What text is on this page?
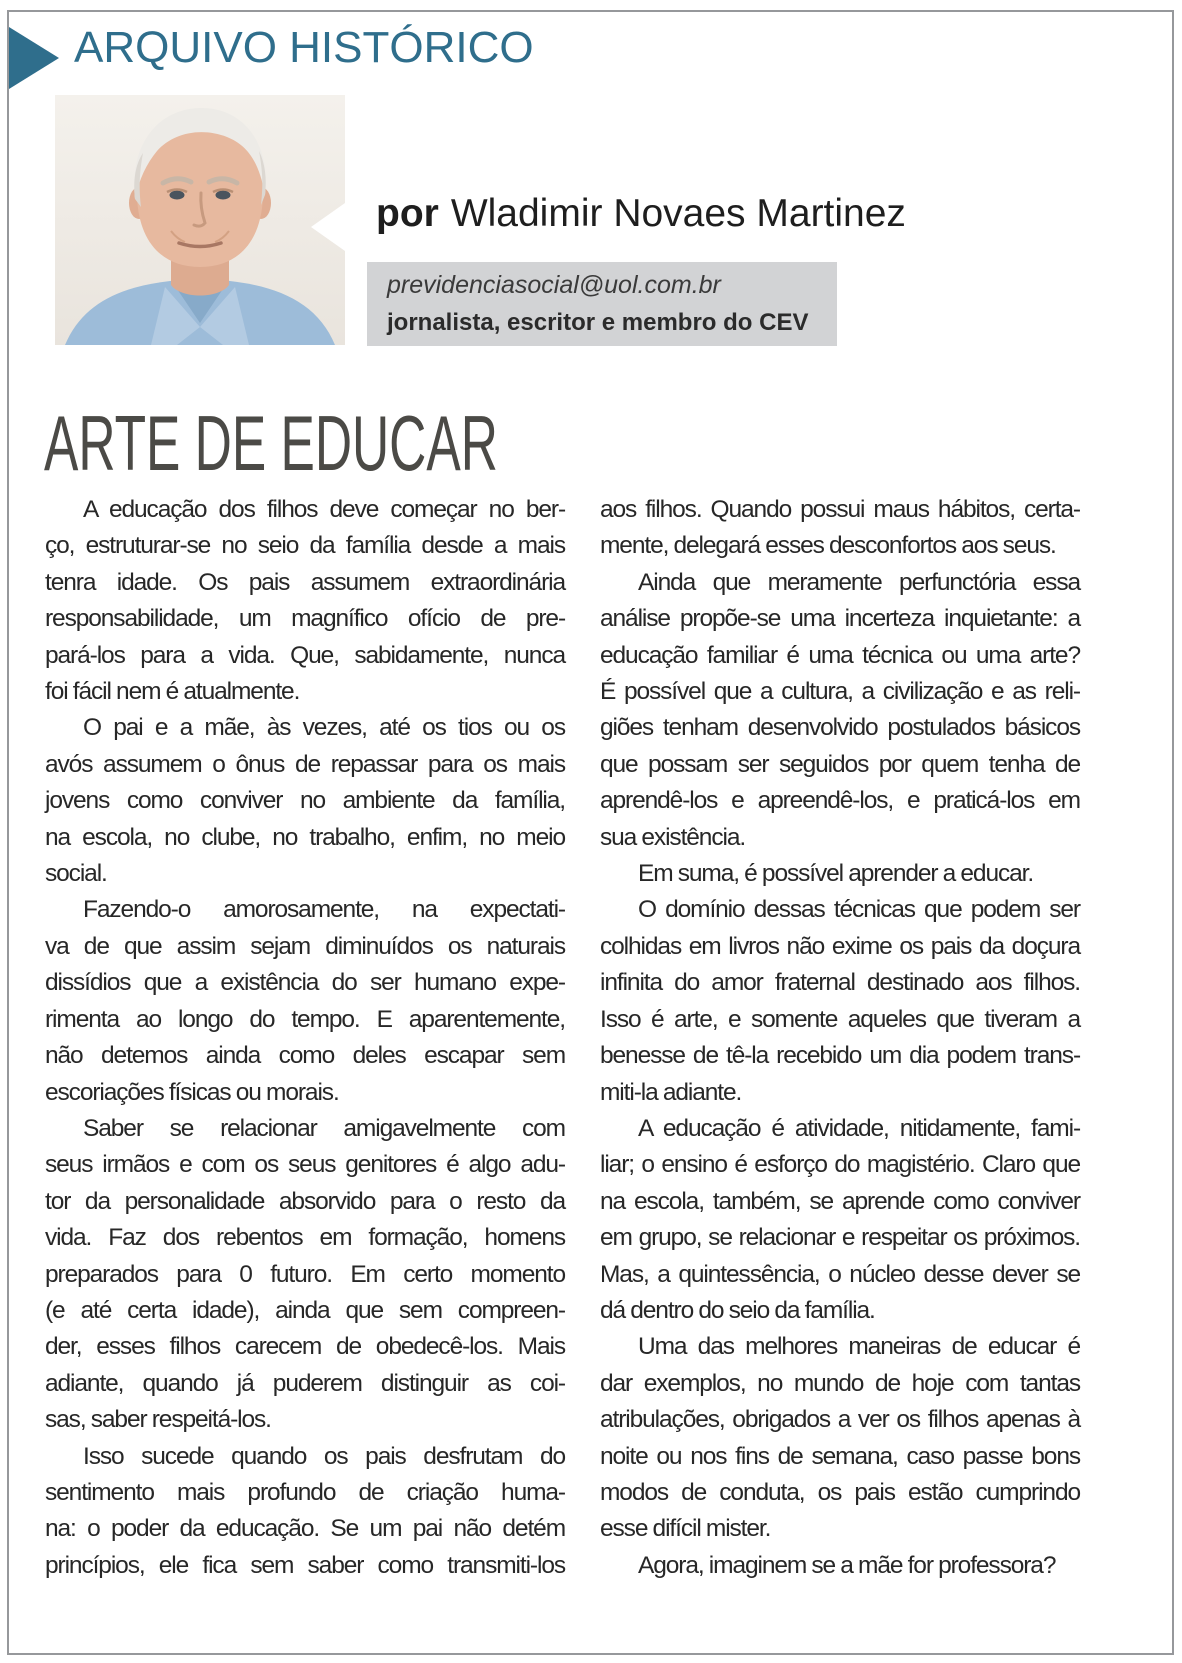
ARQUIVO HISTÓRICO
por Wladimir Novaes Martinez
previdenciasocial@uol.com.br
jornalista, escritor e membro do CEV
ARTE DE EDUCAR
A educação dos filhos deve começar no ber-
ço, estruturar-se no seio da família desde a mais
tenra idade. Os pais assumem extraordinária
responsabilidade, um magnífico ofício de pre-
pará-los para a vida. Que, sabidamente, nunca
foi fácil nem é atualmente.
O pai e a mãe, às vezes, até os tios ou os
avós assumem o ônus de repassar para os mais
jovens como conviver no ambiente da família,
na escola, no clube, no trabalho, enfim, no meio
social.
Fazendo-o amorosamente, na expectati-
va de que assim sejam diminuídos os naturais
dissídios que a existência do ser humano expe-
rimenta ao longo do tempo. E aparentemente,
não detemos ainda como deles escapar sem
escoriações físicas ou morais.
Saber se relacionar amigavelmente com
seus irmãos e com os seus genitores é algo adu-
tor da personalidade absorvido para o resto da
vida. Faz dos rebentos em formação, homens
preparados para 0 futuro. Em certo momento
(e até certa idade), ainda que sem compreen-
der, esses filhos carecem de obedecê-los. Mais
adiante, quando já puderem distinguir as coi-
sas, saber respeitá-los.
Isso sucede quando os pais desfrutam do
sentimento mais profundo de criação huma-
na: o poder da educação. Se um pai não detém
princípios, ele fica sem saber como transmiti-los
aos filhos. Quando possui maus hábitos, certa-
mente, delegará esses desconfortos aos seus.
Ainda que meramente perfunctória essa
análise propõe-se uma incerteza inquietante: a
educação familiar é uma técnica ou uma arte?
É possível que a cultura, a civilização e as reli-
giões tenham desenvolvido postulados básicos
que possam ser seguidos por quem tenha de
aprendê-los e apreendê-los, e praticá-los em
sua existência.
Em suma, é possível aprender a educar.
O domínio dessas técnicas que podem ser
colhidas em livros não exime os pais da doçura
infinita do amor fraternal destinado aos filhos.
Isso é arte, e somente aqueles que tiveram a
benesse de tê-la recebido um dia podem trans-
miti-la adiante.
A educação é atividade, nitidamente, fami-
liar; o ensino é esforço do magistério. Claro que
na escola, também, se aprende como conviver
em grupo, se relacionar e respeitar os próximos.
Mas, a quintessência, o núcleo desse dever se
dá dentro do seio da família.
Uma das melhores maneiras de educar é
dar exemplos, no mundo de hoje com tantas
atribulações, obrigados a ver os filhos apenas à
noite ou nos fins de semana, caso passe bons
modos de conduta, os pais estão cumprindo
esse difícil mister.
Agora, imaginem se a mãe for professora?
